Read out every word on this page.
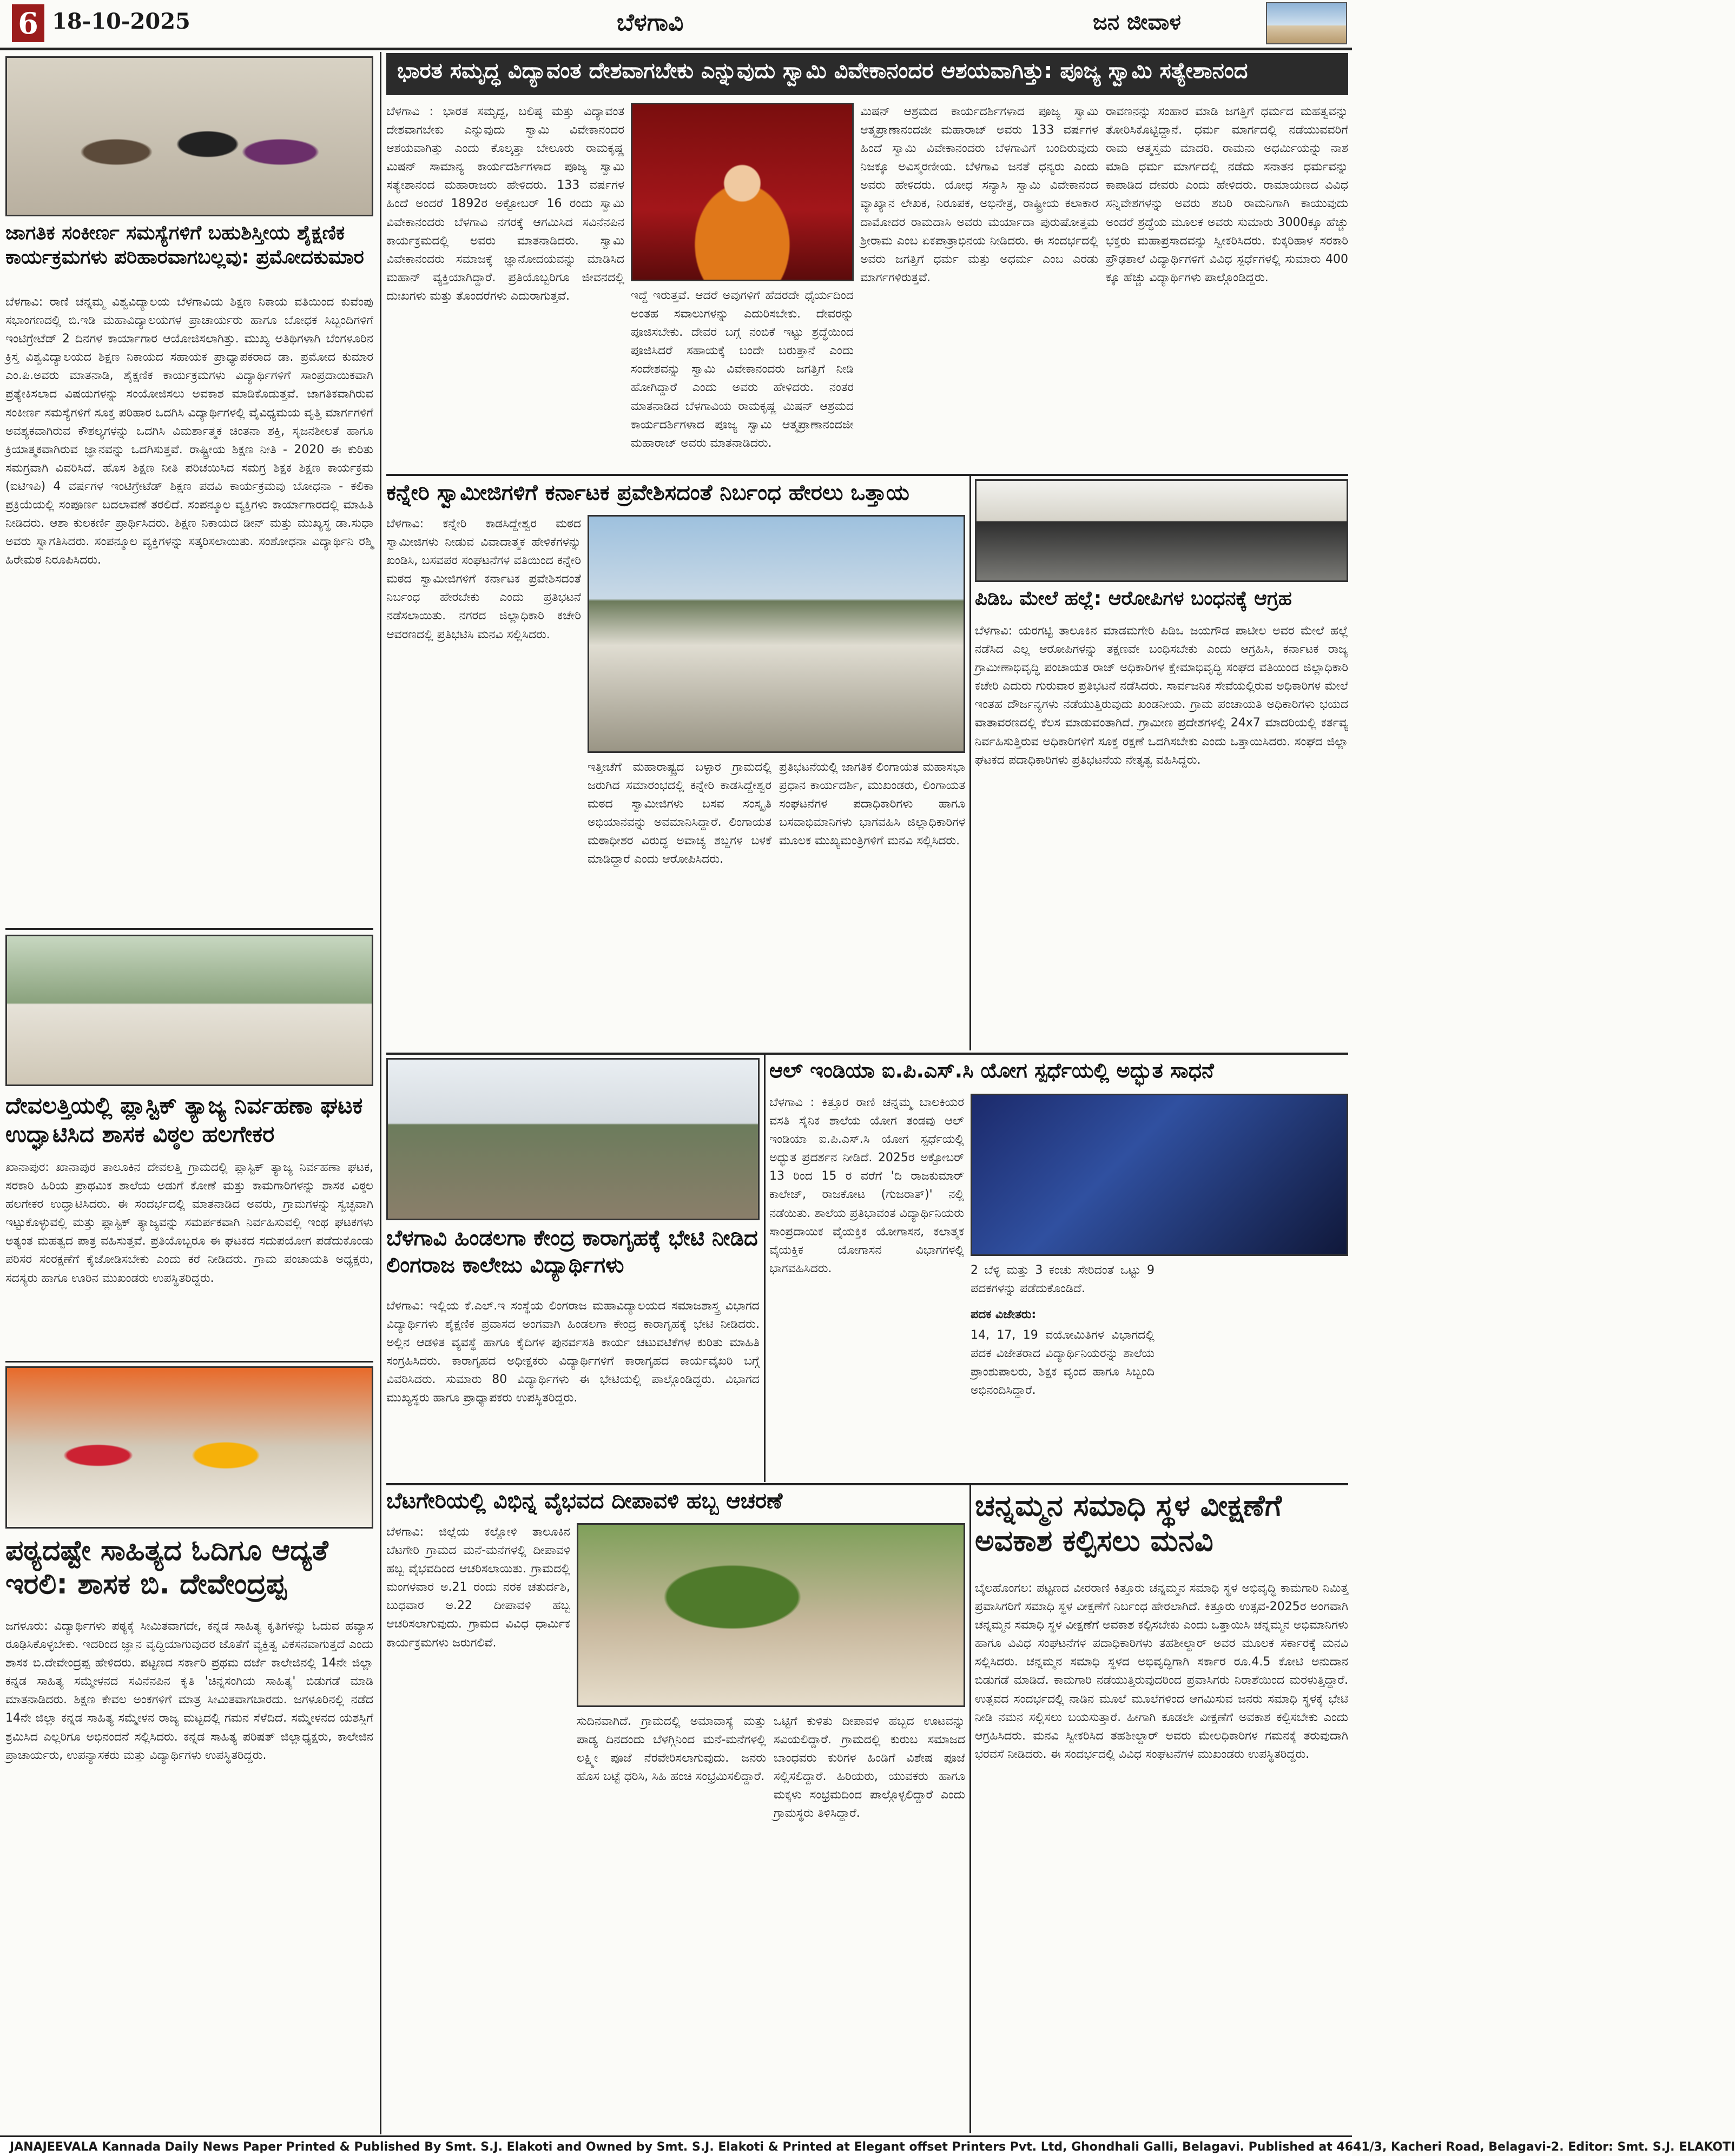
6 18-10-2025	ಬೆಳಗಾವಿ	ಜನ ಜೀವಾಳ
ಜಾಗತಿಕ ಸಂಕೀರ್ಣ ಸಮಸ್ಯೆಗಳಿಗೆ ಬಹುಶಿಸ್ತೀಯ ಶೈಕ್ಷಣಿಕ ಕಾರ್ಯಕ್ರಮಗಳು ಪರಿಹಾರವಾಗಬಲ್ಲವು: ಪ್ರಮೋದಕುಮಾರ
ಬೆಳಗಾವಿ: ರಾಣಿ ಚನ್ನಮ್ಮ ವಿಶ್ವವಿದ್ಯಾಲಯ ಬೆಳಗಾವಿಯ ಶಿಕ್ಷಣ ನಿಕಾಯ ವತಿಯಿಂದ ಕುವೆಂಪು ಸಭಾಂಗಣದಲ್ಲಿ ಬಿ.ಇಡಿ ಮಹಾವಿದ್ಯಾಲಯಗಳ ಪ್ರಾಚಾರ್ಯರು ಹಾಗೂ ಬೋಧಕ ಸಿಬ್ಬಂದಿಗಳಿಗೆ ಇಂಟಿಗ್ರೇಟೆಡ್ 2 ದಿನಗಳ ಕಾರ್ಯಾಗಾರ ಆಯೋಜಿಸಲಾಗಿತ್ತು. ಮುಖ್ಯ ಅತಿಥಿಗಳಾಗಿ ಬೆಂಗಳೂರಿನ ಕ್ರಿಸ್ತ ವಿಶ್ವವಿದ್ಯಾಲಯದ ಶಿಕ್ಷಣ ನಿಕಾಯದ ಸಹಾಯಕ ಪ್ರಾಧ್ಯಾಪಕರಾದ ಡಾ. ಪ್ರಮೋದ ಕುಮಾರ ಎಂ.ಪಿ.ಅವರು ಮಾತನಾಡಿ, ಶೈಕ್ಷಣಿಕ ಕಾರ್ಯಕ್ರಮಗಳು ವಿದ್ಯಾರ್ಥಿಗಳಿಗೆ ಸಾಂಪ್ರದಾಯಿಕವಾಗಿ ಪ್ರತ್ಯೇಕಿಸಲಾದ ವಿಷಯಗಳನ್ನು ಸಂಯೋಜಿಸಲು ಅವಕಾಶ ಮಾಡಿಕೊಡುತ್ತವೆ. ಜಾಗತಿಕವಾಗಿರುವ ಸಂಕೀರ್ಣ ಸಮಸ್ಯೆಗಳಿಗೆ ಸೂಕ್ತ ಪರಿಹಾರ ಒದಗಿಸಿ ವಿದ್ಯಾರ್ಥಿಗಳಲ್ಲಿ ವೈವಿಧ್ಯಮಯ ವೃತ್ತಿ ಮಾರ್ಗಗಳಿಗೆ ಅವಶ್ಯಕವಾಗಿರುವ ಕೌಶಲ್ಯಗಳನ್ನು ಒದಗಿಸಿ ವಿಮರ್ಶಾತ್ಮಕ ಚಿಂತನಾ ಶಕ್ತಿ, ಸೃಜನಶೀಲತೆ ಹಾಗೂ ಕ್ರಿಯಾತ್ಮಕವಾಗಿರುವ ಜ್ಞಾನವನ್ನು ಒದಗಿಸುತ್ತವೆ. ರಾಷ್ಟ್ರೀಯ ಶಿಕ್ಷಣ ನೀತಿ - 2020 ಈ ಕುರಿತು ಸಮಗ್ರವಾಗಿ ವಿವರಿಸಿದೆ. ಹೊಸ ಶಿಕ್ಷಣ ನೀತಿ ಪರಿಚಯಿಸಿದ ಸಮಗ್ರ ಶಿಕ್ಷಕ ಶಿಕ್ಷಣ ಕಾರ್ಯಕ್ರಮ (ಐಟಿಇಪಿ) 4 ವರ್ಷಗಳ ಇಂಟಿಗ್ರೇಟೆಡ್ ಶಿಕ್ಷಣ ಪದವಿ ಕಾರ್ಯಕ್ರಮವು ಬೋಧನಾ - ಕಲಿಕಾ ಪ್ರಕ್ರಿಯೆಯಲ್ಲಿ ಸಂಪೂರ್ಣ ಬದಲಾವಣೆ ತರಲಿದೆ. ಸಂಪನ್ಮೂಲ ವ್ಯಕ್ತಿಗಳು ಕಾರ್ಯಾಗಾರದಲ್ಲಿ ಮಾಹಿತಿ ನೀಡಿದರು. ಆಶಾ ಕುಲಕರ್ಣಿ ಪ್ರಾರ್ಥಿಸಿದರು. ಶಿಕ್ಷಣ ನಿಕಾಯದ ಡೀನ್ ಮತ್ತು ಮುಖ್ಯಸ್ಥ ಡಾ.ಸುಧಾ ಅವರು ಸ್ವಾಗತಿಸಿದರು. ಸಂಪನ್ಮೂಲ ವ್ಯಕ್ತಿಗಳನ್ನು ಸತ್ಕರಿಸಲಾಯಿತು. ಸಂಶೋಧನಾ ವಿದ್ಯಾರ್ಥಿನಿ ರಶ್ಮಿ ಹಿರೇಮಠ ನಿರೂಪಿಸಿದರು.
ದೇವಲತ್ತಿಯಲ್ಲಿ ಪ್ಲಾಸ್ಟಿಕ್ ತ್ಯಾಜ್ಯ ನಿರ್ವಹಣಾ ಘಟಕ ಉದ್ಘಾಟಿಸಿದ ಶಾಸಕ ವಿಠ್ಠಲ ಹಲಗೇಕರ
ಖಾನಾಪುರ: ಖಾನಾಪುರ ತಾಲೂಕಿನ ದೇವಲತ್ತಿ ಗ್ರಾಮದಲ್ಲಿ ಪ್ಲಾಸ್ಟಿಕ್ ತ್ಯಾಜ್ಯ ನಿರ್ವಹಣಾ ಘಟಕ, ಸರಕಾರಿ ಹಿರಿಯ ಪ್ರಾಥಮಿಕ ಶಾಲೆಯ ಅಡುಗೆ ಕೋಣೆ ಮತ್ತು ಕಾಮಗಾರಿಗಳನ್ನು ಶಾಸಕ ವಿಠ್ಠಲ ಹಲಗೇಕರ ಉದ್ಘಾಟಿಸಿದರು. ಈ ಸಂದರ್ಭದಲ್ಲಿ ಮಾತನಾಡಿದ ಅವರು, ಗ್ರಾಮಗಳನ್ನು ಸ್ವಚ್ಛವಾಗಿ ಇಟ್ಟುಕೊಳ್ಳುವಲ್ಲಿ ಮತ್ತು ಪ್ಲಾಸ್ಟಿಕ್ ತ್ಯಾಜ್ಯವನ್ನು ಸಮರ್ಪಕವಾಗಿ ನಿರ್ವಹಿಸುವಲ್ಲಿ ಇಂಥ ಘಟಕಗಳು ಅತ್ಯಂತ ಮಹತ್ವದ ಪಾತ್ರ ವಹಿಸುತ್ತವೆ. ಪ್ರತಿಯೊಬ್ಬರೂ ಈ ಘಟಕದ ಸದುಪಯೋಗ ಪಡೆದುಕೊಂಡು ಪರಿಸರ ಸಂರಕ್ಷಣೆಗೆ ಕೈಜೋಡಿಸಬೇಕು ಎಂದು ಕರೆ ನೀಡಿದರು. ಗ್ರಾಮ ಪಂಚಾಯತಿ ಅಧ್ಯಕ್ಷರು, ಸದಸ್ಯರು ಹಾಗೂ ಊರಿನ ಮುಖಂಡರು ಉಪಸ್ಥಿತರಿದ್ದರು.
ಪಠ್ಯದಷ್ಟೇ ಸಾಹಿತ್ಯದ ಓದಿಗೂ ಆದ್ಯತೆ ಇರಲಿ: ಶಾಸಕ ಬಿ. ದೇವೇಂದ್ರಪ್ಪ
ಜಗಳೂರು: ವಿದ್ಯಾರ್ಥಿಗಳು ಪಠ್ಯಕ್ಕೆ ಸೀಮಿತವಾಗದೇ, ಕನ್ನಡ ಸಾಹಿತ್ಯ ಕೃತಿಗಳನ್ನು ಓದುವ ಹವ್ಯಾಸ ರೂಢಿಸಿಕೊಳ್ಳಬೇಕು. ಇದರಿಂದ ಜ್ಞಾನ ವೃದ್ಧಿಯಾಗುವುದರ ಜೊತೆಗೆ ವ್ಯಕ್ತಿತ್ವ ವಿಕಸನವಾಗುತ್ತದೆ ಎಂದು ಶಾಸಕ ಬಿ.ದೇವೇಂದ್ರಪ್ಪ ಹೇಳಿದರು. ಪಟ್ಟಣದ ಸರ್ಕಾರಿ ಪ್ರಥಮ ದರ್ಜೆ ಕಾಲೇಜಿನಲ್ಲಿ 14ನೇ ಜಿಲ್ಲಾ ಕನ್ನಡ ಸಾಹಿತ್ಯ ಸಮ್ಮೇಳನದ ಸವಿನೆನಪಿನ ಕೃತಿ 'ಚಿನ್ನಸಂಗಿಯ ಸಾಹಿತ್ಯ' ಬಿಡುಗಡೆ ಮಾಡಿ ಮಾತನಾಡಿದರು. ಶಿಕ್ಷಣ ಕೇವಲ ಅಂಕಗಳಿಗೆ ಮಾತ್ರ ಸೀಮಿತವಾಗಬಾರದು. ಜಗಳೂರಿನಲ್ಲಿ ನಡೆದ 14ನೇ ಜಿಲ್ಲಾ ಕನ್ನಡ ಸಾಹಿತ್ಯ ಸಮ್ಮೇಳನ ರಾಜ್ಯ ಮಟ್ಟದಲ್ಲಿ ಗಮನ ಸೆಳೆದಿದೆ. ಸಮ್ಮೇಳನದ ಯಶಸ್ಸಿಗೆ ಶ್ರಮಿಸಿದ ಎಲ್ಲರಿಗೂ ಅಭಿನಂದನೆ ಸಲ್ಲಿಸಿದರು. ಕನ್ನಡ ಸಾಹಿತ್ಯ ಪರಿಷತ್ ಜಿಲ್ಲಾಧ್ಯಕ್ಷರು, ಕಾಲೇಜಿನ ಪ್ರಾಚಾರ್ಯರು, ಉಪನ್ಯಾಸಕರು ಮತ್ತು ವಿದ್ಯಾರ್ಥಿಗಳು ಉಪಸ್ಥಿತರಿದ್ದರು.
ಭಾರತ ಸಮೃದ್ಧ ವಿದ್ಯಾವಂತ ದೇಶವಾಗಬೇಕು ಎನ್ನುವುದು ಸ್ವಾಮಿ ವಿವೇಕಾನಂದರ ಆಶಯವಾಗಿತ್ತು: ಪೂಜ್ಯ ಸ್ವಾಮಿ ಸತ್ಯೇಶಾನಂದ
ಬೆಳಗಾವಿ : ಭಾರತ ಸಮೃದ್ಧ, ಬಲಿಷ್ಠ ಮತ್ತು ವಿದ್ಯಾವಂತ ದೇಶವಾಗಬೇಕು ಎನ್ನುವುದು ಸ್ವಾಮಿ ವಿವೇಕಾನಂದರ ಆಶಯವಾಗಿತ್ತು ಎಂದು ಕೊಲ್ಕತ್ತಾ ಬೇಲೂರು ರಾಮಕೃಷ್ಣ ಮಿಷನ್ ಸಾಮಾನ್ಯ ಕಾರ್ಯದರ್ಶಿಗಳಾದ ಪೂಜ್ಯ ಸ್ವಾಮಿ ಸತ್ಯೇಶಾನಂದ ಮಹಾರಾಜರು ಹೇಳಿದರು. 133 ವರ್ಷಗಳ ಹಿಂದೆ ಅಂದರೆ 1892ರ ಅಕ್ಟೋಬರ್ 16 ರಂದು ಸ್ವಾಮಿ ವಿವೇಕಾನಂದರು ಬೆಳಗಾವಿ ನಗರಕ್ಕೆ ಆಗಮಿಸಿದ ಸವಿನೆನಪಿನ ಕಾರ್ಯಕ್ರಮದಲ್ಲಿ ಅವರು ಮಾತನಾಡಿದರು. ಸ್ವಾಮಿ ವಿವೇಕಾನಂದರು ಸಮಾಜಕ್ಕೆ ಜ್ಞಾನೋದಯವನ್ನು ಮಾಡಿಸಿದ ಮಹಾನ್ ವ್ಯಕ್ತಿಯಾಗಿದ್ದಾರೆ. ಪ್ರತಿಯೊಬ್ಬರಿಗೂ ಜೀವನದಲ್ಲಿ ದುಃಖಗಳು ಮತ್ತು ತೊಂದರೆಗಳು ಎದುರಾಗುತ್ತವೆ.	ಇದ್ದೆ ಇರುತ್ತವೆ. ಆದರೆ ಅವುಗಳಿಗೆ ಹೆದರದೇ ಧೈರ್ಯದಿಂದ ಅಂತಹ ಸವಾಲುಗಳನ್ನು ಎದುರಿಸಬೇಕು. ದೇವರನ್ನು ಪೂಜಿಸಬೇಕು. ದೇವರ ಬಗ್ಗೆ ನಂಬಿಕೆ ಇಟ್ಟು ಶ್ರದ್ಧೆಯಿಂದ ಪೂಜಿಸಿದರೆ ಸಹಾಯಕ್ಕೆ ಬಂದೇ ಬರುತ್ತಾನೆ ಎಂದು ಸಂದೇಶವನ್ನು ಸ್ವಾಮಿ ವಿವೇಕಾನಂದರು ಜಗತ್ತಿಗೆ ನೀಡಿ ಹೋಗಿದ್ದಾರೆ ಎಂದು ಅವರು ಹೇಳಿದರು. ನಂತರ ಮಾತನಾಡಿದ ಬೆಳಗಾವಿಯ ರಾಮಕೃಷ್ಣ ಮಿಷನ್ ಆಶ್ರಮದ ಕಾರ್ಯದರ್ಶಿಗಳಾದ ಪೂಜ್ಯ ಸ್ವಾಮಿ ಆತ್ಮಪ್ರಾಣಾನಂದಜೀ ಮಹಾರಾಜ್ ಅವರು ಮಾತನಾಡಿದರು.
ಮಿಷನ್ ಆಶ್ರಮದ ಕಾರ್ಯದರ್ಶಿಗಳಾದ ಪೂಜ್ಯ ಸ್ವಾಮಿ ಆತ್ಮಪ್ರಾಣಾನಂದಜೀ ಮಹಾರಾಜ್ ಅವರು 133 ವರ್ಷಗಳ ಹಿಂದೆ ಸ್ವಾಮಿ ವಿವೇಕಾನಂದರು ಬೆಳಗಾವಿಗೆ ಬಂದಿರುವುದು ನಿಜಕ್ಕೂ ಅವಿಸ್ಮರಣೀಯ. ಬೆಳಗಾವಿ ಜನತೆ ಧನ್ಯರು ಎಂದು ಅವರು ಹೇಳಿದರು. ಯೋಧ ಸನ್ಯಾಸಿ ಸ್ವಾಮಿ ವಿವೇಕಾನಂದ ವ್ಯಾಖ್ಯಾನ ಲೇಖಕ, ನಿರೂಪಕ, ಅಭಿನೇತ್ರ, ರಾಷ್ಟ್ರೀಯ ಕಲಾಕಾರ ದಾಮೋದರ ರಾಮದಾಸಿ ಅವರು ಮರ್ಯಾದಾ ಪುರುಷೋತ್ತಮ ಶ್ರೀರಾಮ ಎಂಬ ಏಕಪಾತ್ರಾಭಿನಯ ನೀಡಿದರು. ಈ ಸಂದರ್ಭದಲ್ಲಿ ಅವರು ಜಗತ್ತಿಗೆ ಧರ್ಮ ಮತ್ತು ಅಧರ್ಮ ಎಂಬ ಎರಡು ಮಾರ್ಗಗಳಿರುತ್ತವೆ.
ರಾವಣನನ್ನು ಸಂಹಾರ ಮಾಡಿ ಜಗತ್ತಿಗೆ ಧರ್ಮದ ಮಹತ್ವವನ್ನು ತೋರಿಸಿಕೊಟ್ಟಿದ್ದಾನೆ. ಧರ್ಮ ಮಾರ್ಗದಲ್ಲಿ ನಡೆಯುವವರಿಗೆ ರಾಮ ಆತ್ಮಸ್ತಮ ಮಾದರಿ. ರಾಮನು ಅಧರ್ಮಿಯನ್ನು ನಾಶ ಮಾಡಿ ಧರ್ಮ ಮಾರ್ಗದಲ್ಲಿ ನಡೆದು ಸನಾತನ ಧರ್ಮವನ್ನು ಕಾಪಾಡಿದ ದೇವರು ಎಂದು ಹೇಳಿದರು. ರಾಮಾಯಣದ ವಿವಿಧ ಸನ್ನಿವೇಶಗಳನ್ನು ಅವರು ಶಬರಿ ರಾಮನಿಗಾಗಿ ಕಾಯುವುದು ಅಂದರೆ ಶ್ರದ್ಧೆಯ ಮೂಲಕ ಅವರು ಸುಮಾರು 3000ಕ್ಕೂ ಹೆಚ್ಚು ಭಕ್ತರು ಮಹಾಪ್ರಸಾದವನ್ನು ಸ್ವೀಕರಿಸಿದರು. ಕುಕ್ಕರಿಹಾಳ ಸರಕಾರಿ ಪ್ರೌಢಶಾಲೆ ವಿದ್ಯಾರ್ಥಿಗಳಿಗೆ ವಿವಿಧ ಸ್ಪರ್ಧೆಗಳಲ್ಲಿ ಸುಮಾರು 400 ಕ್ಕೂ ಹೆಚ್ಚು ವಿದ್ಯಾರ್ಥಿಗಳು ಪಾಲ್ಗೊಂಡಿದ್ದರು.
ಕನ್ನೇರಿ ಸ್ವಾಮೀಜಿಗಳಿಗೆ ಕರ್ನಾಟಕ ಪ್ರವೇಶಿಸದಂತೆ ನಿರ್ಬಂಧ ಹೇರಲು ಒತ್ತಾಯ
ಬೆಳಗಾವಿ: ಕನ್ನೇರಿ ಕಾಡಸಿದ್ದೇಶ್ವರ ಮಠದ ಸ್ವಾಮೀಜಿಗಳು ನೀಡುವ ವಿವಾದಾತ್ಮಕ ಹೇಳಿಕೆಗಳನ್ನು ಖಂಡಿಸಿ, ಬಸವಪರ ಸಂಘಟನೆಗಳ ವತಿಯಿಂದ ಕನ್ನೇರಿ ಮಠದ ಸ್ವಾಮೀಜಿಗಳಿಗೆ ಕರ್ನಾಟಕ ಪ್ರವೇಶಿಸದಂತೆ ನಿರ್ಬಂಧ ಹೇರಬೇಕು ಎಂದು ಪ್ರತಿಭಟನೆ ನಡೆಸಲಾಯಿತು. ನಗರದ ಜಿಲ್ಲಾಧಿಕಾರಿ ಕಚೇರಿ ಆವರಣದಲ್ಲಿ ಪ್ರತಿಭಟಿಸಿ ಮನವಿ ಸಲ್ಲಿಸಿದರು.
ಇತ್ತೀಚೆಗೆ ಮಹಾರಾಷ್ಟ್ರದ ಬಳ್ಳಾರ ಗ್ರಾಮದಲ್ಲಿ ಜರುಗಿದ ಸಮಾರಂಭದಲ್ಲಿ ಕನ್ನೇರಿ ಕಾಡಸಿದ್ದೇಶ್ವರ ಮಠದ ಸ್ವಾಮೀಜಿಗಳು ಬಸವ ಸಂಸ್ಕೃತಿ ಅಭಿಯಾನವನ್ನು ಅವಮಾನಿಸಿದ್ದಾರೆ. ಲಿಂಗಾಯತ ಮಠಾಧೀಶರ ವಿರುದ್ಧ ಅವಾಚ್ಯ ಶಬ್ದಗಳ ಬಳಕೆ ಮಾಡಿದ್ದಾರೆ ಎಂದು ಆರೋಪಿಸಿದರು.
ಪ್ರತಿಭಟನೆಯಲ್ಲಿ ಜಾಗತಿಕ ಲಿಂಗಾಯತ ಮಹಾಸಭಾ ಪ್ರಧಾನ ಕಾರ್ಯದರ್ಶಿ, ಮುಖಂಡರು, ಲಿಂಗಾಯತ ಸಂಘಟನೆಗಳ ಪದಾಧಿಕಾರಿಗಳು ಹಾಗೂ ಬಸವಾಭಿಮಾನಿಗಳು ಭಾಗವಹಿಸಿ ಜಿಲ್ಲಾಧಿಕಾರಿಗಳ ಮೂಲಕ ಮುಖ್ಯಮಂತ್ರಿಗಳಿಗೆ ಮನವಿ ಸಲ್ಲಿಸಿದರು.
ಪಿಡಿಒ ಮೇಲೆ ಹಲ್ಲೆ: ಆರೋಪಿಗಳ ಬಂಧನಕ್ಕೆ ಆಗ್ರಹ
ಬೆಳಗಾವಿ: ಯರಗಟ್ಟಿ ತಾಲೂಕಿನ ಮಾಡಮಗೇರಿ ಪಿಡಿಒ ಜಯಗೌಡ ಪಾಟೀಲ ಅವರ ಮೇಲೆ ಹಲ್ಲೆ ನಡೆಸಿದ ಎಲ್ಲ ಆರೋಪಿಗಳನ್ನು ತಕ್ಷಣವೇ ಬಂಧಿಸಬೇಕು ಎಂದು ಆಗ್ರಹಿಸಿ, ಕರ್ನಾಟಕ ರಾಜ್ಯ ಗ್ರಾಮೀಣಾಭಿವೃದ್ಧಿ ಪಂಚಾಯತ ರಾಜ್ ಅಧಿಕಾರಿಗಳ ಕ್ಷೇಮಾಭಿವೃದ್ಧಿ ಸಂಘದ ವತಿಯಿಂದ ಜಿಲ್ಲಾಧಿಕಾರಿ ಕಚೇರಿ ಎದುರು ಗುರುವಾರ ಪ್ರತಿಭಟನೆ ನಡೆಸಿದರು. ಸಾರ್ವಜನಿಕ ಸೇವೆಯಲ್ಲಿರುವ ಅಧಿಕಾರಿಗಳ ಮೇಲೆ ಇಂತಹ ದೌರ್ಜನ್ಯಗಳು ನಡೆಯುತ್ತಿರುವುದು ಖಂಡನೀಯ. ಗ್ರಾಮ ಪಂಚಾಯತಿ ಅಧಿಕಾರಿಗಳು ಭಯದ ವಾತಾವರಣದಲ್ಲಿ ಕೆಲಸ ಮಾಡುವಂತಾಗಿದೆ. ಗ್ರಾಮೀಣ ಪ್ರದೇಶಗಳಲ್ಲಿ 24x7 ಮಾದರಿಯಲ್ಲಿ ಕರ್ತವ್ಯ ನಿರ್ವಹಿಸುತ್ತಿರುವ ಅಧಿಕಾರಿಗಳಿಗೆ ಸೂಕ್ತ ರಕ್ಷಣೆ ಒದಗಿಸಬೇಕು ಎಂದು ಒತ್ತಾಯಿಸಿದರು. ಸಂಘದ ಜಿಲ್ಲಾ ಘಟಕದ ಪದಾಧಿಕಾರಿಗಳು ಪ್ರತಿಭಟನೆಯ ನೇತೃತ್ವ ವಹಿಸಿದ್ದರು.
ಬೆಳಗಾವಿ ಹಿಂಡಲಗಾ ಕೇಂದ್ರ ಕಾರಾಗೃಹಕ್ಕೆ ಭೇಟಿ ನೀಡಿದ ಲಿಂಗರಾಜ ಕಾಲೇಜು ವಿದ್ಯಾರ್ಥಿಗಳು
ಬೆಳಗಾವಿ: ಇಲ್ಲಿಯ ಕೆ.ಎಲ್.ಇ ಸಂಸ್ಥೆಯ ಲಿಂಗರಾಜ ಮಹಾವಿದ್ಯಾಲಯದ ಸಮಾಜಶಾಸ್ತ್ರ ವಿಭಾಗದ ವಿದ್ಯಾರ್ಥಿಗಳು ಶೈಕ್ಷಣಿಕ ಪ್ರವಾಸದ ಅಂಗವಾಗಿ ಹಿಂಡಲಗಾ ಕೇಂದ್ರ ಕಾರಾಗೃಹಕ್ಕೆ ಭೇಟಿ ನೀಡಿದರು. ಅಲ್ಲಿನ ಆಡಳಿತ ವ್ಯವಸ್ಥೆ ಹಾಗೂ ಕೈದಿಗಳ ಪುನರ್ವಸತಿ ಕಾರ್ಯ ಚಟುವಟಿಕೆಗಳ ಕುರಿತು ಮಾಹಿತಿ ಸಂಗ್ರಹಿಸಿದರು. ಕಾರಾಗೃಹದ ಅಧೀಕ್ಷಕರು ವಿದ್ಯಾರ್ಥಿಗಳಿಗೆ ಕಾರಾಗೃಹದ ಕಾರ್ಯವೈಖರಿ ಬಗ್ಗೆ ವಿವರಿಸಿದರು. ಸುಮಾರು 80 ವಿದ್ಯಾರ್ಥಿಗಳು ಈ ಭೇಟಿಯಲ್ಲಿ ಪಾಲ್ಗೊಂಡಿದ್ದರು. ವಿಭಾಗದ ಮುಖ್ಯಸ್ಥರು ಹಾಗೂ ಪ್ರಾಧ್ಯಾಪಕರು ಉಪಸ್ಥಿತರಿದ್ದರು.
ಆಲ್ ಇಂಡಿಯಾ ಐ.ಪಿ.ಎಸ್.ಸಿ ಯೋಗ ಸ್ಪರ್ಧೆಯಲ್ಲಿ ಅದ್ಭುತ ಸಾಧನೆ
ಬೆಳಗಾವಿ : ಕಿತ್ತೂರ ರಾಣಿ ಚನ್ನಮ್ಮ ಬಾಲಕಿಯರ ವಸತಿ ಸೈನಿಕ ಶಾಲೆಯ ಯೋಗ ತಂಡವು ಆಲ್ ಇಂಡಿಯಾ ಐ.ಪಿ.ಎಸ್.ಸಿ ಯೋಗ ಸ್ಪರ್ಧೆಯಲ್ಲಿ ಅದ್ಭುತ ಪ್ರದರ್ಶನ ನೀಡಿದೆ. 2025ರ ಅಕ್ಟೋಬರ್ 13 ರಿಂದ 15 ರ ವರೆಗೆ 'ದಿ ರಾಜಕುಮಾರ್ ಕಾಲೇಜ್, ರಾಜಕೋಟ (ಗುಜರಾತ್)' ನಲ್ಲಿ ನಡೆಯಿತು. ಶಾಲೆಯ ಪ್ರತಿಭಾವಂತ ವಿದ್ಯಾರ್ಥಿನಿಯರು ಸಾಂಪ್ರದಾಯಿಕ ವೈಯಕ್ತಿಕ ಯೋಗಾಸನ, ಕಲಾತ್ಮಕ ವೈಯಕ್ತಿಕ ಯೋಗಾಸನ ವಿಭಾಗಗಳಲ್ಲಿ ಭಾಗವಹಿಸಿದರು.	2 ಬೆಳ್ಳಿ ಮತ್ತು 3 ಕಂಚು ಸೇರಿದಂತೆ ಒಟ್ಟು 9 ಪದಕಗಳನ್ನು ಪಡೆದುಕೊಂಡಿದೆ.
ಪದಕ ವಿಜೇತರು:
14, 17, 19 ವಯೋಮಿತಿಗಳ ವಿಭಾಗದಲ್ಲಿ ಪದಕ ವಿಜೇತರಾದ ವಿದ್ಯಾರ್ಥಿನಿಯರನ್ನು ಶಾಲೆಯ ಪ್ರಾಂಶುಪಾಲರು, ಶಿಕ್ಷಕ ವೃಂದ ಹಾಗೂ ಸಿಬ್ಬಂದಿ ಅಭಿನಂದಿಸಿದ್ದಾರೆ.
ಬೆಟಗೇರಿಯಲ್ಲಿ ವಿಭಿನ್ನ ವೈಭವದ ದೀಪಾವಳಿ ಹಬ್ಬ ಆಚರಣೆ
ಬೆಳಗಾವಿ: ಜಿಲ್ಲೆಯ ಕಲ್ಲೋಳಿ ತಾಲೂಕಿನ ಬೆಟಗೇರಿ ಗ್ರಾಮದ ಮನೆ-ಮನೆಗಳಲ್ಲಿ ದೀಪಾವಳಿ ಹಬ್ಬ ವೈಭವದಿಂದ ಆಚರಿಸಲಾಯಿತು. ಗ್ರಾಮದಲ್ಲಿ ಮಂಗಳವಾರ ಅ.21 ರಂದು ನರಕ ಚತುರ್ದಶಿ, ಬುಧವಾರ ಅ.22 ದೀಪಾವಳಿ ಹಬ್ಬ ಆಚರಿಸಲಾಗುವುದು. ಗ್ರಾಮದ ವಿವಿಧ ಧಾರ್ಮಿಕ ಕಾರ್ಯಕ್ರಮಗಳು ಜರುಗಲಿವೆ.
ಸುದಿನವಾಗಿದೆ. ಗ್ರಾಮದಲ್ಲಿ ಅಮಾವಾಸ್ಯೆ ಮತ್ತು ಪಾಡ್ಯ ದಿನದಂದು ಬೆಳಗ್ಗಿನಿಂದ ಮನೆ-ಮನೆಗಳಲ್ಲಿ ಲಕ್ಷ್ಮೀ ಪೂಜೆ ನೆರವೇರಿಸಲಾಗುವುದು. ಜನರು ಹೊಸ ಬಟ್ಟೆ ಧರಿಸಿ, ಸಿಹಿ ಹಂಚಿ ಸಂಭ್ರಮಿಸಲಿದ್ದಾರೆ.
ಒಟ್ಟಿಗೆ ಕುಳಿತು ದೀಪಾವಳಿ ಹಬ್ಬದ ಊಟವನ್ನು ಸವಿಯಲಿದ್ದಾರೆ. ಗ್ರಾಮದಲ್ಲಿ ಕುರುಬ ಸಮಾಜದ ಬಾಂಧವರು ಕುರಿಗಳ ಹಿಂಡಿಗೆ ವಿಶೇಷ ಪೂಜೆ ಸಲ್ಲಿಸಲಿದ್ದಾರೆ. ಹಿರಿಯರು, ಯುವಕರು ಹಾಗೂ ಮಕ್ಕಳು ಸಂಭ್ರಮದಿಂದ ಪಾಲ್ಗೊಳ್ಳಲಿದ್ದಾರೆ ಎಂದು ಗ್ರಾಮಸ್ಥರು ತಿಳಿಸಿದ್ದಾರೆ.
ಚನ್ನಮ್ಮನ ಸಮಾಧಿ ಸ್ಥಳ ವೀಕ್ಷಣೆಗೆ ಅವಕಾಶ ಕಲ್ಪಿಸಲು ಮನವಿ
ಬೈಲಹೊಂಗಲ: ಪಟ್ಟಣದ ವೀರರಾಣಿ ಕಿತ್ತೂರು ಚನ್ನಮ್ಮನ ಸಮಾಧಿ ಸ್ಥಳ ಅಭಿವೃದ್ಧಿ ಕಾಮಗಾರಿ ನಿಮಿತ್ತ ಪ್ರವಾಸಿಗರಿಗೆ ಸಮಾಧಿ ಸ್ಥಳ ವೀಕ್ಷಣೆಗೆ ನಿರ್ಬಂಧ ಹೇರಲಾಗಿದೆ. ಕಿತ್ತೂರು ಉತ್ಸವ-2025ರ ಅಂಗವಾಗಿ ಚನ್ನಮ್ಮನ ಸಮಾಧಿ ಸ್ಥಳ ವೀಕ್ಷಣೆಗೆ ಅವಕಾಶ ಕಲ್ಪಿಸಬೇಕು ಎಂದು ಒತ್ತಾಯಿಸಿ ಚನ್ನಮ್ಮನ ಅಭಿಮಾನಿಗಳು ಹಾಗೂ ವಿವಿಧ ಸಂಘಟನೆಗಳ ಪದಾಧಿಕಾರಿಗಳು ತಹಶೀಲ್ದಾರ್ ಅವರ ಮೂಲಕ ಸರ್ಕಾರಕ್ಕೆ ಮನವಿ ಸಲ್ಲಿಸಿದರು. ಚನ್ನಮ್ಮನ ಸಮಾಧಿ ಸ್ಥಳದ ಅಭಿವೃದ್ಧಿಗಾಗಿ ಸರ್ಕಾರ ರೂ.4.5 ಕೋಟಿ ಅನುದಾನ ಬಿಡುಗಡೆ ಮಾಡಿದೆ. ಕಾಮಗಾರಿ ನಡೆಯುತ್ತಿರುವುದರಿಂದ ಪ್ರವಾಸಿಗರು ನಿರಾಶೆಯಿಂದ ಮರಳುತ್ತಿದ್ದಾರೆ. ಉತ್ಸವದ ಸಂದರ್ಭದಲ್ಲಿ ನಾಡಿನ ಮೂಲೆ ಮೂಲೆಗಳಿಂದ ಆಗಮಿಸುವ ಜನರು ಸಮಾಧಿ ಸ್ಥಳಕ್ಕೆ ಭೇಟಿ ನೀಡಿ ನಮನ ಸಲ್ಲಿಸಲು ಬಯಸುತ್ತಾರೆ. ಹೀಗಾಗಿ ಕೂಡಲೇ ವೀಕ್ಷಣೆಗೆ ಅವಕಾಶ ಕಲ್ಪಿಸಬೇಕು ಎಂದು ಆಗ್ರಹಿಸಿದರು. ಮನವಿ ಸ್ವೀಕರಿಸಿದ ತಹಶೀಲ್ದಾರ್ ಅವರು ಮೇಲಧಿಕಾರಿಗಳ ಗಮನಕ್ಕೆ ತರುವುದಾಗಿ ಭರವಸೆ ನೀಡಿದರು. ಈ ಸಂದರ್ಭದಲ್ಲಿ ವಿವಿಧ ಸಂಘಟನೆಗಳ ಮುಖಂಡರು ಉಪಸ್ಥಿತರಿದ್ದರು.
JANAJEEVALA Kannada Daily News Paper Printed & Published By Smt. S.J. Elakoti and Owned by Smt. S.J. Elakoti & Printed at Elegant offset Printers Pvt. Ltd, Ghondhali Galli, Belagavi. Published at 4641/3, Kacheri Road, Belagavi-2. Editor: Smt. S.J. ELAKOTI
